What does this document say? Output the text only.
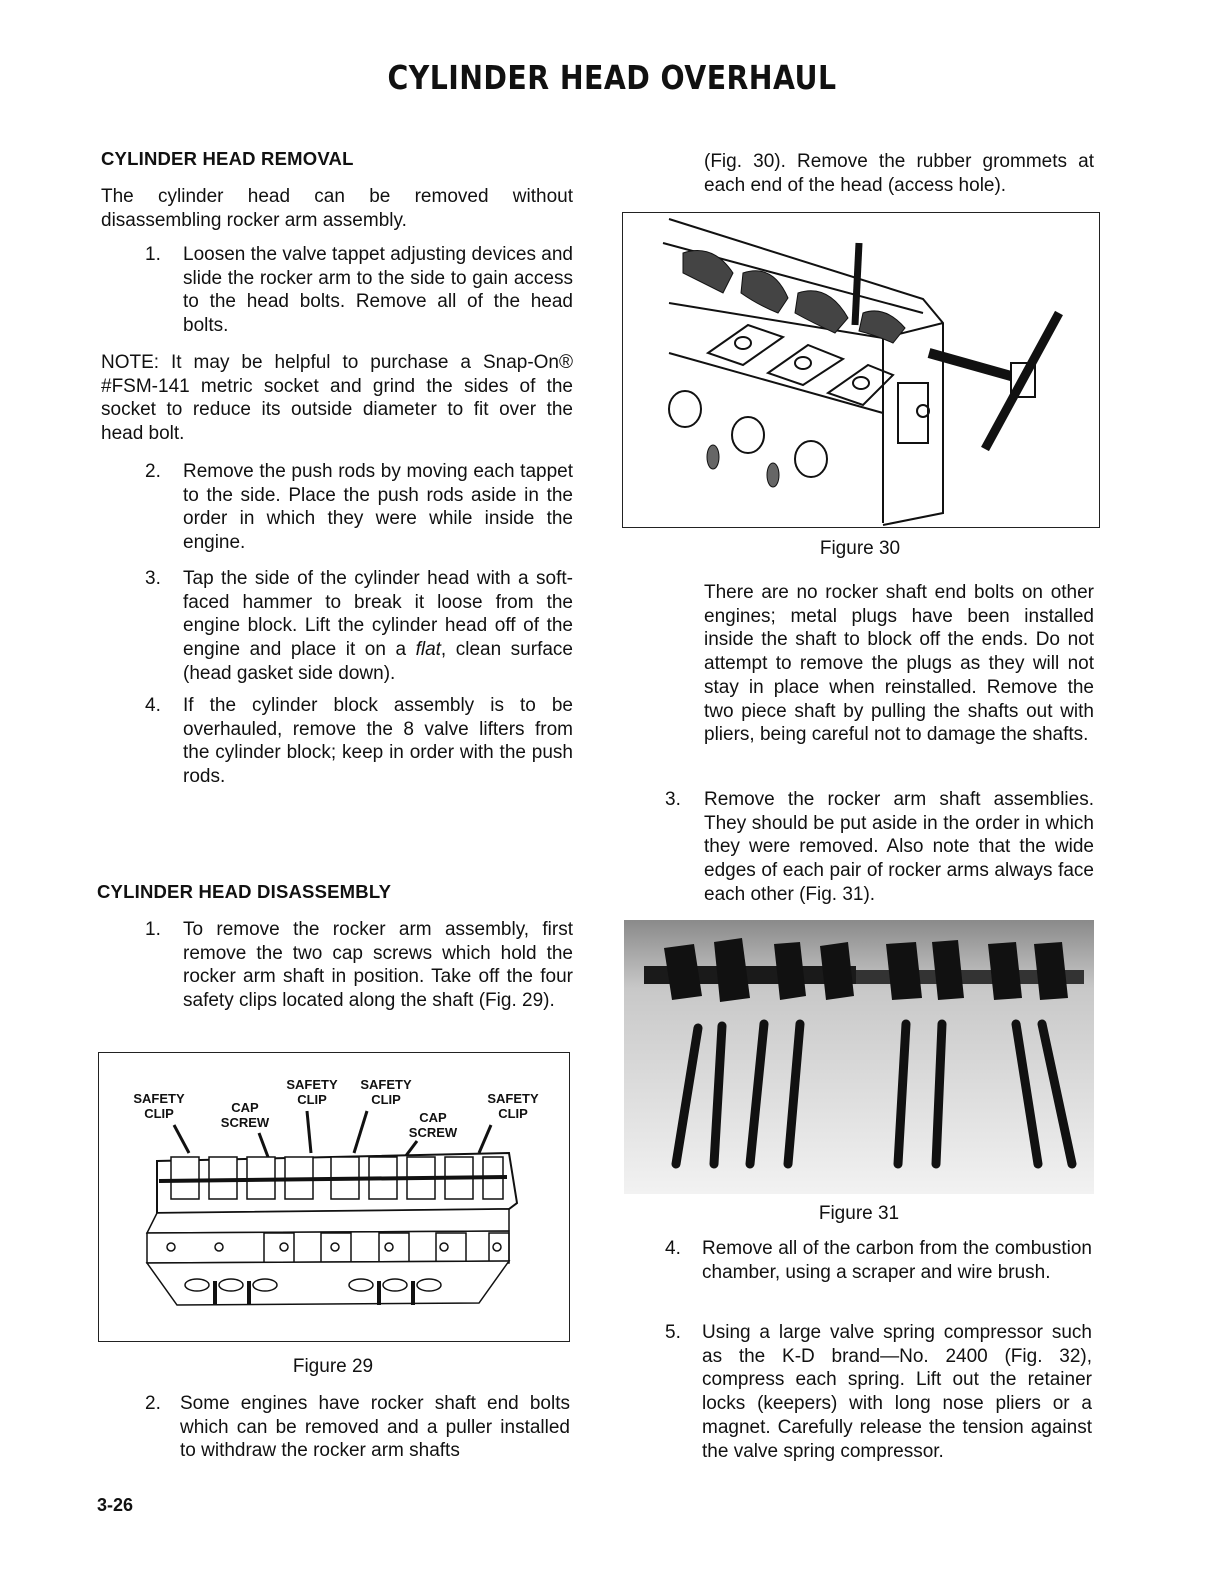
CYLINDER HEAD OVERHAUL
CYLINDER HEAD REMOVAL
The cylinder head can be removed without disassembling rocker arm assembly.
1. Loosen the valve tappet adjusting devices and slide the rocker arm to the side to gain access to the head bolts. Remove all of the head bolts.
NOTE: It may be helpful to purchase a Snap-On® #FSM-141 metric socket and grind the sides of the socket to reduce its outside diameter to fit over the head bolt.
2. Remove the push rods by moving each tappet to the side. Place the push rods aside in the order in which they were while inside the engine.
3. Tap the side of the cylinder head with a soft-faced hammer to break it loose from the engine block. Lift the cylinder head off of the engine and place it on a flat, clean surface (head gasket side down).
4. If the cylinder block assembly is to be overhauled, remove the 8 valve lifters from the cylinder block; keep in order with the push rods.
CYLINDER HEAD DISASSEMBLY
1. To remove the rocker arm assembly, first remove the two cap screws which hold the rocker arm shaft in position. Take off the four safety clips located along the shaft (Fig. 29).
SAFETY
CLIP	CAP
SCREW
SAFETY
CLIP
SAFETY
CLIP
CAP
SCREW
SAFETY
CLIP
Figure 29
2. Some engines have rocker shaft end bolts which can be removed and a puller installed to withdraw the rocker arm shafts
3-26
(Fig. 30). Remove the rubber grommets at each end of the head (access hole).
Figure 30
There are no rocker shaft end bolts on other engines; metal plugs have been installed inside the shaft to block off the ends. Do not attempt to remove the plugs as they will not stay in place when reinstalled. Remove the two piece shaft by pulling the shafts out with pliers, being careful not to damage the shafts.
3. Remove the rocker arm shaft assemblies. They should be put aside in the order in which they were removed. Also note that the wide edges of each pair of rocker arms always face each other (Fig. 31).
Figure 31
4. Remove all of the carbon from the combustion chamber, using a scraper and wire brush.
5. Using a large valve spring compressor such as the K-D brand—No. 2400 (Fig. 32), compress each spring. Lift out the retainer locks (keepers) with long nose pliers or a magnet. Carefully release the tension against the valve spring compressor.
